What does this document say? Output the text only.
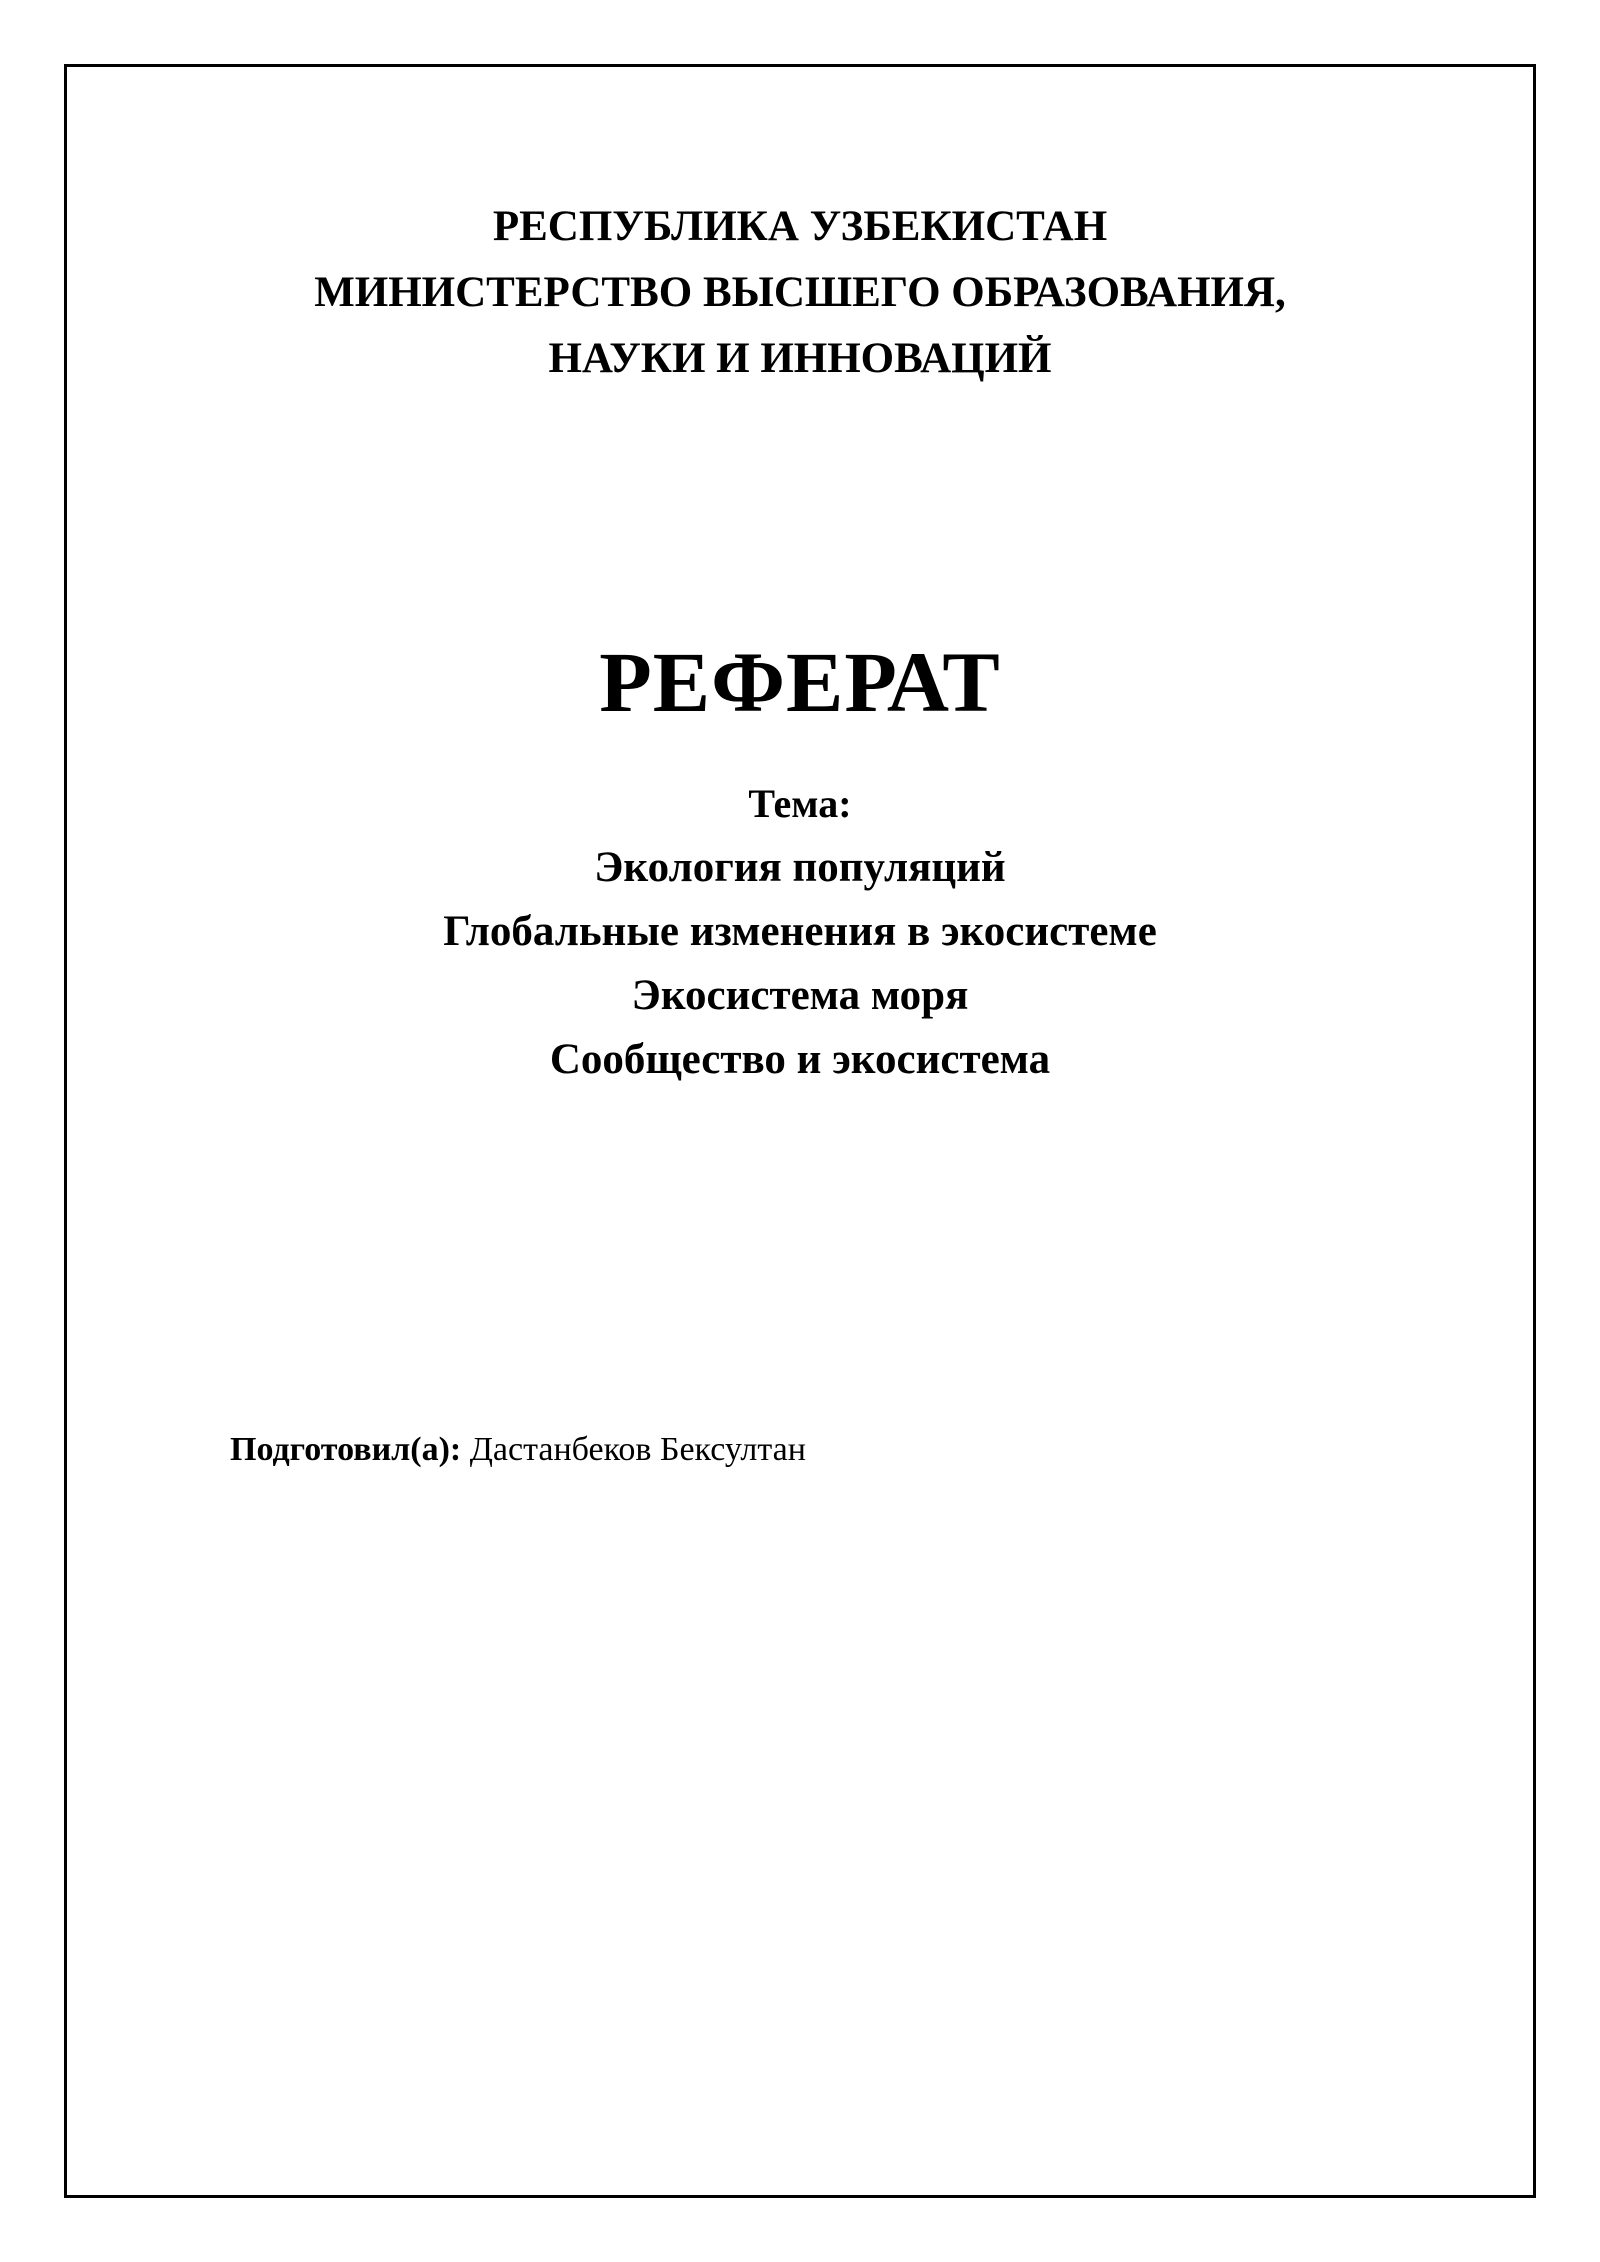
РЕСПУБЛИКА УЗБЕКИСТАН
МИНИСТЕРСТВО ВЫСШЕГО ОБРАЗОВАНИЯ,
НАУКИ И ИННОВАЦИЙ
РЕФЕРАТ
Тема:
Экология популяций
Глобальные изменения в экосистеме
Экосистема моря
Сообщество и экосистема
Подготовил(а): Дастанбеков Бексултан
